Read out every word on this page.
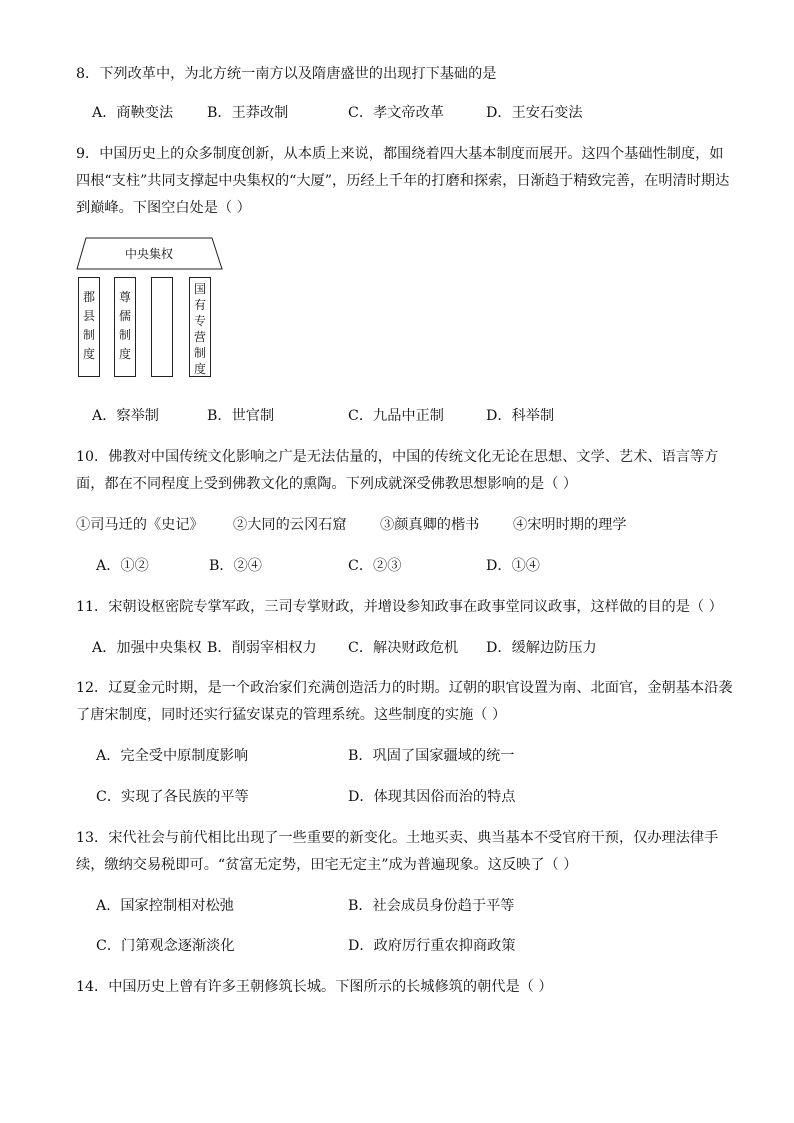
8．下列改革中，为北方统一南方以及隋唐盛世的出现打下基础的是
A．商鞅变法 B．王莽改制	C．孝文帝改革	D．王安石变法
9．中国历史上的众多制度创新，从本质上来说，都围绕着四大基本制度而展开。这四个基础性制度，如
四根“支柱”共同支撑起中央集权的“大厦”，历经上千年的打磨和探索，日渐趋于精致完善，在明清时期达
到巅峰。下图空白处是（ ）
中央集权
郡
县
制
度
尊
儒
制
度
国
有
专
营
制
度
A．察举制	B．世官制	C．九品中正制	D．科举制
10．佛教对中国传统文化影响之广是无法估量的，中国的传统文化无论在思想、文学、艺术、语言等方
面，都在不同程度上受到佛教文化的熏陶。下列成就深受佛教思想影响的是（ ）
①司马迁的《史记》 ②大同的云冈石窟 ③颜真卿的楷书 ④宋明时期的理学
A．①②	B．②④	C．②③	D．①④
11．宋朝设枢密院专掌军政，三司专掌财政，并增设参知政事在政事堂同议政事，这样做的目的是（ ）
A．加强中央集权 B．削弱宰相权力 C．解决财政危机 D．缓解边防压力
12．辽夏金元时期，是一个政治家们充满创造活力的时期。辽朝的职官设置为南、北面官，金朝基本沿袭
了唐宋制度，同时还实行猛安谋克的管理系统。这些制度的实施（ ）
A．完全受中原制度影响	B．巩固了国家疆域的统一
C．实现了各民族的平等	D．体现其因俗而治的特点
13．宋代社会与前代相比出现了一些重要的新变化。土地买卖、典当基本不受官府干预，仅办理法律手
续，缴纳交易税即可。“贫富无定势，田宅无定主”成为普遍现象。这反映了（ ）
A．国家控制相对松弛	B．社会成员身份趋于平等
C．门第观念逐渐淡化	D．政府厉行重农抑商政策
14．中国历史上曾有许多王朝修筑长城。下图所示的长城修筑的朝代是（ ）
